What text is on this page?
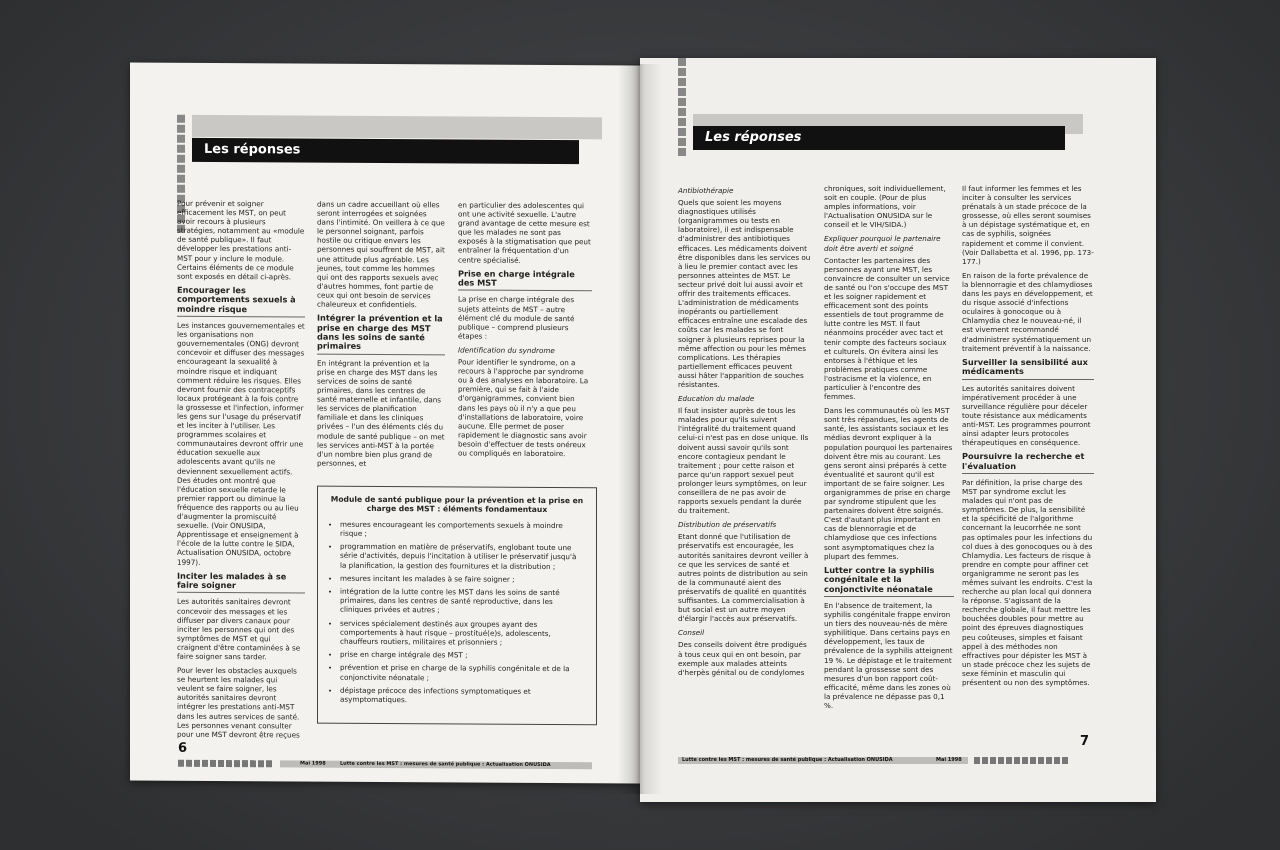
Les réponses

Pour prévenir et soigner efficacement les MST, on peut avoir recours à plusieurs stratégies, notamment au «module de santé publique». Il faut développer les prestations anti-MST pour y inclure le module. Certains éléments de ce module sont exposés en détail ci-après.

Encourager les comportements sexuels à moindre risque

Les instances gouvernementales et les organisations non gouvernementales (ONG) devront concevoir et diffuser des messages encourageant la sexualité à moindre risque et indiquant comment réduire les risques. Elles devront fournir des contraceptifs locaux protégeant à la fois contre la grossesse et l'infection, informer les gens sur l'usage du préservatif et les inciter à l'utiliser. Les programmes scolaires et communautaires devront offrir une éducation sexuelle aux adolescents avant qu'ils ne deviennent sexuellement actifs. Des études ont montré que l'éducation sexuelle retarde le premier rapport ou diminue la fréquence des rapports ou au lieu d'augmenter la promiscuité sexuelle. (Voir ONUSIDA, Apprentissage et enseignement à l'école de la lutte contre le SIDA, Actualisation ONUSIDA, octobre 1997).

Inciter les malades à se faire soigner

Les autorités sanitaires devront concevoir des messages et les diffuser par divers canaux pour inciter les personnes qui ont des symptômes de MST et qui craignent d'être contaminées à se faire soigner sans tarder.

Pour lever les obstacles auxquels se heurtent les malades qui veulent se faire soigner, les autorités sanitaires devront intégrer les prestations anti-MST dans les autres services de santé. Les personnes venant consulter pour une MST devront être reçues

dans un cadre accueillant où elles seront interrogées et soignées dans l'intimité. On veillera à ce que le personnel soignant, parfois hostile ou critique envers les personnes qui souffrent de MST, ait une attitude plus agréable. Les jeunes, tout comme les hommes qui ont des rapports sexuels avec d'autres hommes, font partie de ceux qui ont besoin de services chaleureux et confidentiels.

Intégrer la prévention et la prise en charge des MST dans les soins de santé primaires

En intégrant la prévention et la prise en charge des MST dans les services de soins de santé primaires, dans les centres de santé maternelle et infantile, dans les services de planification familiale et dans les cliniques privées – l'un des éléments clés du module de santé publique – on met les services anti-MST à la portée d'un nombre bien plus grand de personnes, et

en particulier des adolescentes qui ont une activité sexuelle. L'autre grand avantage de cette mesure est que les malades ne sont pas exposés à la stigmatisation que peut entraîner la fréquentation d'un centre spécialisé.

Prise en charge intégrale des MST

La prise en charge intégrale des sujets atteints de MST – autre élément clé du module de santé publique – comprend plusieurs étapes :

Identification du syndrome

Pour identifier le syndrome, on a recours à l'approche par syndrome ou à des analyses en laboratoire. La première, qui se fait à l'aide d'organigrammes, convient bien dans les pays où il n'y a que peu d'installations de laboratoire, voire aucune. Elle permet de poser rapidement le diagnostic sans avoir besoin d'effectuer de tests onéreux ou compliqués en laboratoire.

Module de santé publique pour la prévention et la prise en charge des MST : éléments fondamentaux
• mesures encourageant les comportements sexuels à moindre risque ;
• programmation en matière de préservatifs, englobant toute une série d'activités, depuis l'incitation à utiliser le préservatif jusqu'à la planification, la gestion des fournitures et la distribution ;
• mesures incitant les malades à se faire soigner ;
• intégration de la lutte contre les MST dans les soins de santé primaires, dans les centres de santé reproductive, dans les cliniques privées et autres ;
• services spécialement destinés aux groupes ayant des comportements à haut risque – prostitué(e)s, adolescents, chauffeurs routiers, militaires et prisonniers ;
• prise en charge intégrale des MST ;
• prévention et prise en charge de la syphilis congénitale et de la conjonctivite néonatale ;
• dépistage précoce des infections symptomatiques et asymptomatiques.
6
Mai 1998	Lutte contre les MST : mesures de santé publique : Actualisation ONUSIDA
Les réponses

Antibiothérapie

Quels que soient les moyens diagnostiques utilisés (organigrammes ou tests en laboratoire), il est indispensable d'administrer des antibiotiques efficaces. Les médicaments doivent être disponibles dans les services ou à lieu le premier contact avec les personnes atteintes de MST. Le secteur privé doit lui aussi avoir et offrir des traitements efficaces. L'administration de médicaments inopérants ou partiellement efficaces entraîne une escalade des coûts car les malades se font soigner à plusieurs reprises pour la même affection ou pour les mêmes complications. Les thérapies partiellement efficaces peuvent aussi hâter l'apparition de souches résistantes.

Education du malade

Il faut insister auprès de tous les malades pour qu'ils suivent l'intégralité du traitement quand celui-ci n'est pas en dose unique. Ils doivent aussi savoir qu'ils sont encore contagieux pendant le traitement ; pour cette raison et parce qu'un rapport sexuel peut prolonger leurs symptômes, on leur conseillera de ne pas avoir de rapports sexuels pendant la durée du traitement.

Distribution de préservatifs

Etant donné que l'utilisation de préservatifs est encouragée, les autorités sanitaires devront veiller à ce que les services de santé et autres points de distribution au sein de la communauté aient des préservatifs de qualité en quantités suffisantes. La commercialisation à but social est un autre moyen d'élargir l'accès aux préservatifs.

Conseil

Des conseils doivent être prodigués à tous ceux qui en ont besoin, par exemple aux malades atteints d'herpès génital ou de condylomes

chroniques, soit individuellement, soit en couple. (Pour de plus amples informations, voir l'Actualisation ONUSIDA sur le conseil et le VIH/SIDA.)

Expliquer pourquoi le partenaire doit être averti et soigné

Contacter les partenaires des personnes ayant une MST, les convaincre de consulter un service de santé ou l'on s'occupe des MST et les soigner rapidement et efficacement sont des points essentiels de tout programme de lutte contre les MST. Il faut néanmoins procéder avec tact et tenir compte des facteurs sociaux et culturels. On évitera ainsi les entorses à l'éthique et les problèmes pratiques comme l'ostracisme et la violence, en particulier à l'encontre des femmes.

Dans les communautés où les MST sont très répandues, les agents de santé, les assistants sociaux et les médias devront expliquer à la population pourquoi les partenaires doivent être mis au courant. Les gens seront ainsi préparés à cette éventualité et sauront qu'il est important de se faire soigner. Les organigrammes de prise en charge par syndrome stipulent que les partenaires doivent être soignés. C'est d'autant plus important en cas de blennorragie et de chlamydiose que ces infections sont asymptomatiques chez la plupart des femmes.

Lutter contre la syphilis congénitale et la conjonctivite néonatale

En l'absence de traitement, la syphilis congénitale frappe environ un tiers des nouveau-nés de mère syphilitique. Dans certains pays en développement, les taux de prévalence de la syphilis atteignent 19 %. Le dépistage et le traitement pendant la grossesse sont des mesures d'un bon rapport coût-efficacité, même dans les zones où la prévalence ne dépasse pas 0,1 %.

Il faut informer les femmes et les inciter à consulter les services prénatals à un stade précoce de la grossesse, où elles seront soumises à un dépistage systématique et, en cas de syphilis, soignées rapidement et comme il convient. (Voir Dallabetta et al. 1996, pp. 173-177.)

En raison de la forte prévalence de la blennorragie et des chlamydioses dans les pays en développement, et du risque associé d'infections oculaires à gonocoque ou à Chlamydia chez le nouveau-né, il est vivement recommandé d'administrer systématiquement un traitement préventif à la naissance.

Surveiller la sensibilité aux médicaments

Les autorités sanitaires doivent impérativement procéder à une surveillance régulière pour déceler toute résistance aux médicaments anti-MST. Les programmes pourront ainsi adapter leurs protocoles thérapeutiques en conséquence.

Poursuivre la recherche et l'évaluation

Par définition, la prise charge des MST par syndrome exclut les malades qui n'ont pas de symptômes. De plus, la sensibilité et la spécificité de l'algorithme concernant la leucorrhée ne sont pas optimales pour les infections du col dues à des gonocoques ou à des Chlamydia. Les facteurs de risque à prendre en compte pour affiner cet organigramme ne seront pas les mêmes suivant les endroits. C'est la recherche au plan local qui donnera la réponse. S'agissant de la recherche globale, il faut mettre les bouchées doubles pour mettre au point des épreuves diagnostiques peu coûteuses, simples et faisant appel à des méthodes non effractives pour dépister les MST à un stade précoce chez les sujets de sexe féminin et masculin qui présentent ou non des symptômes.

7
Lutte contre les MST : mesures de santé publique : Actualisation ONUSIDA	Mai 1998
